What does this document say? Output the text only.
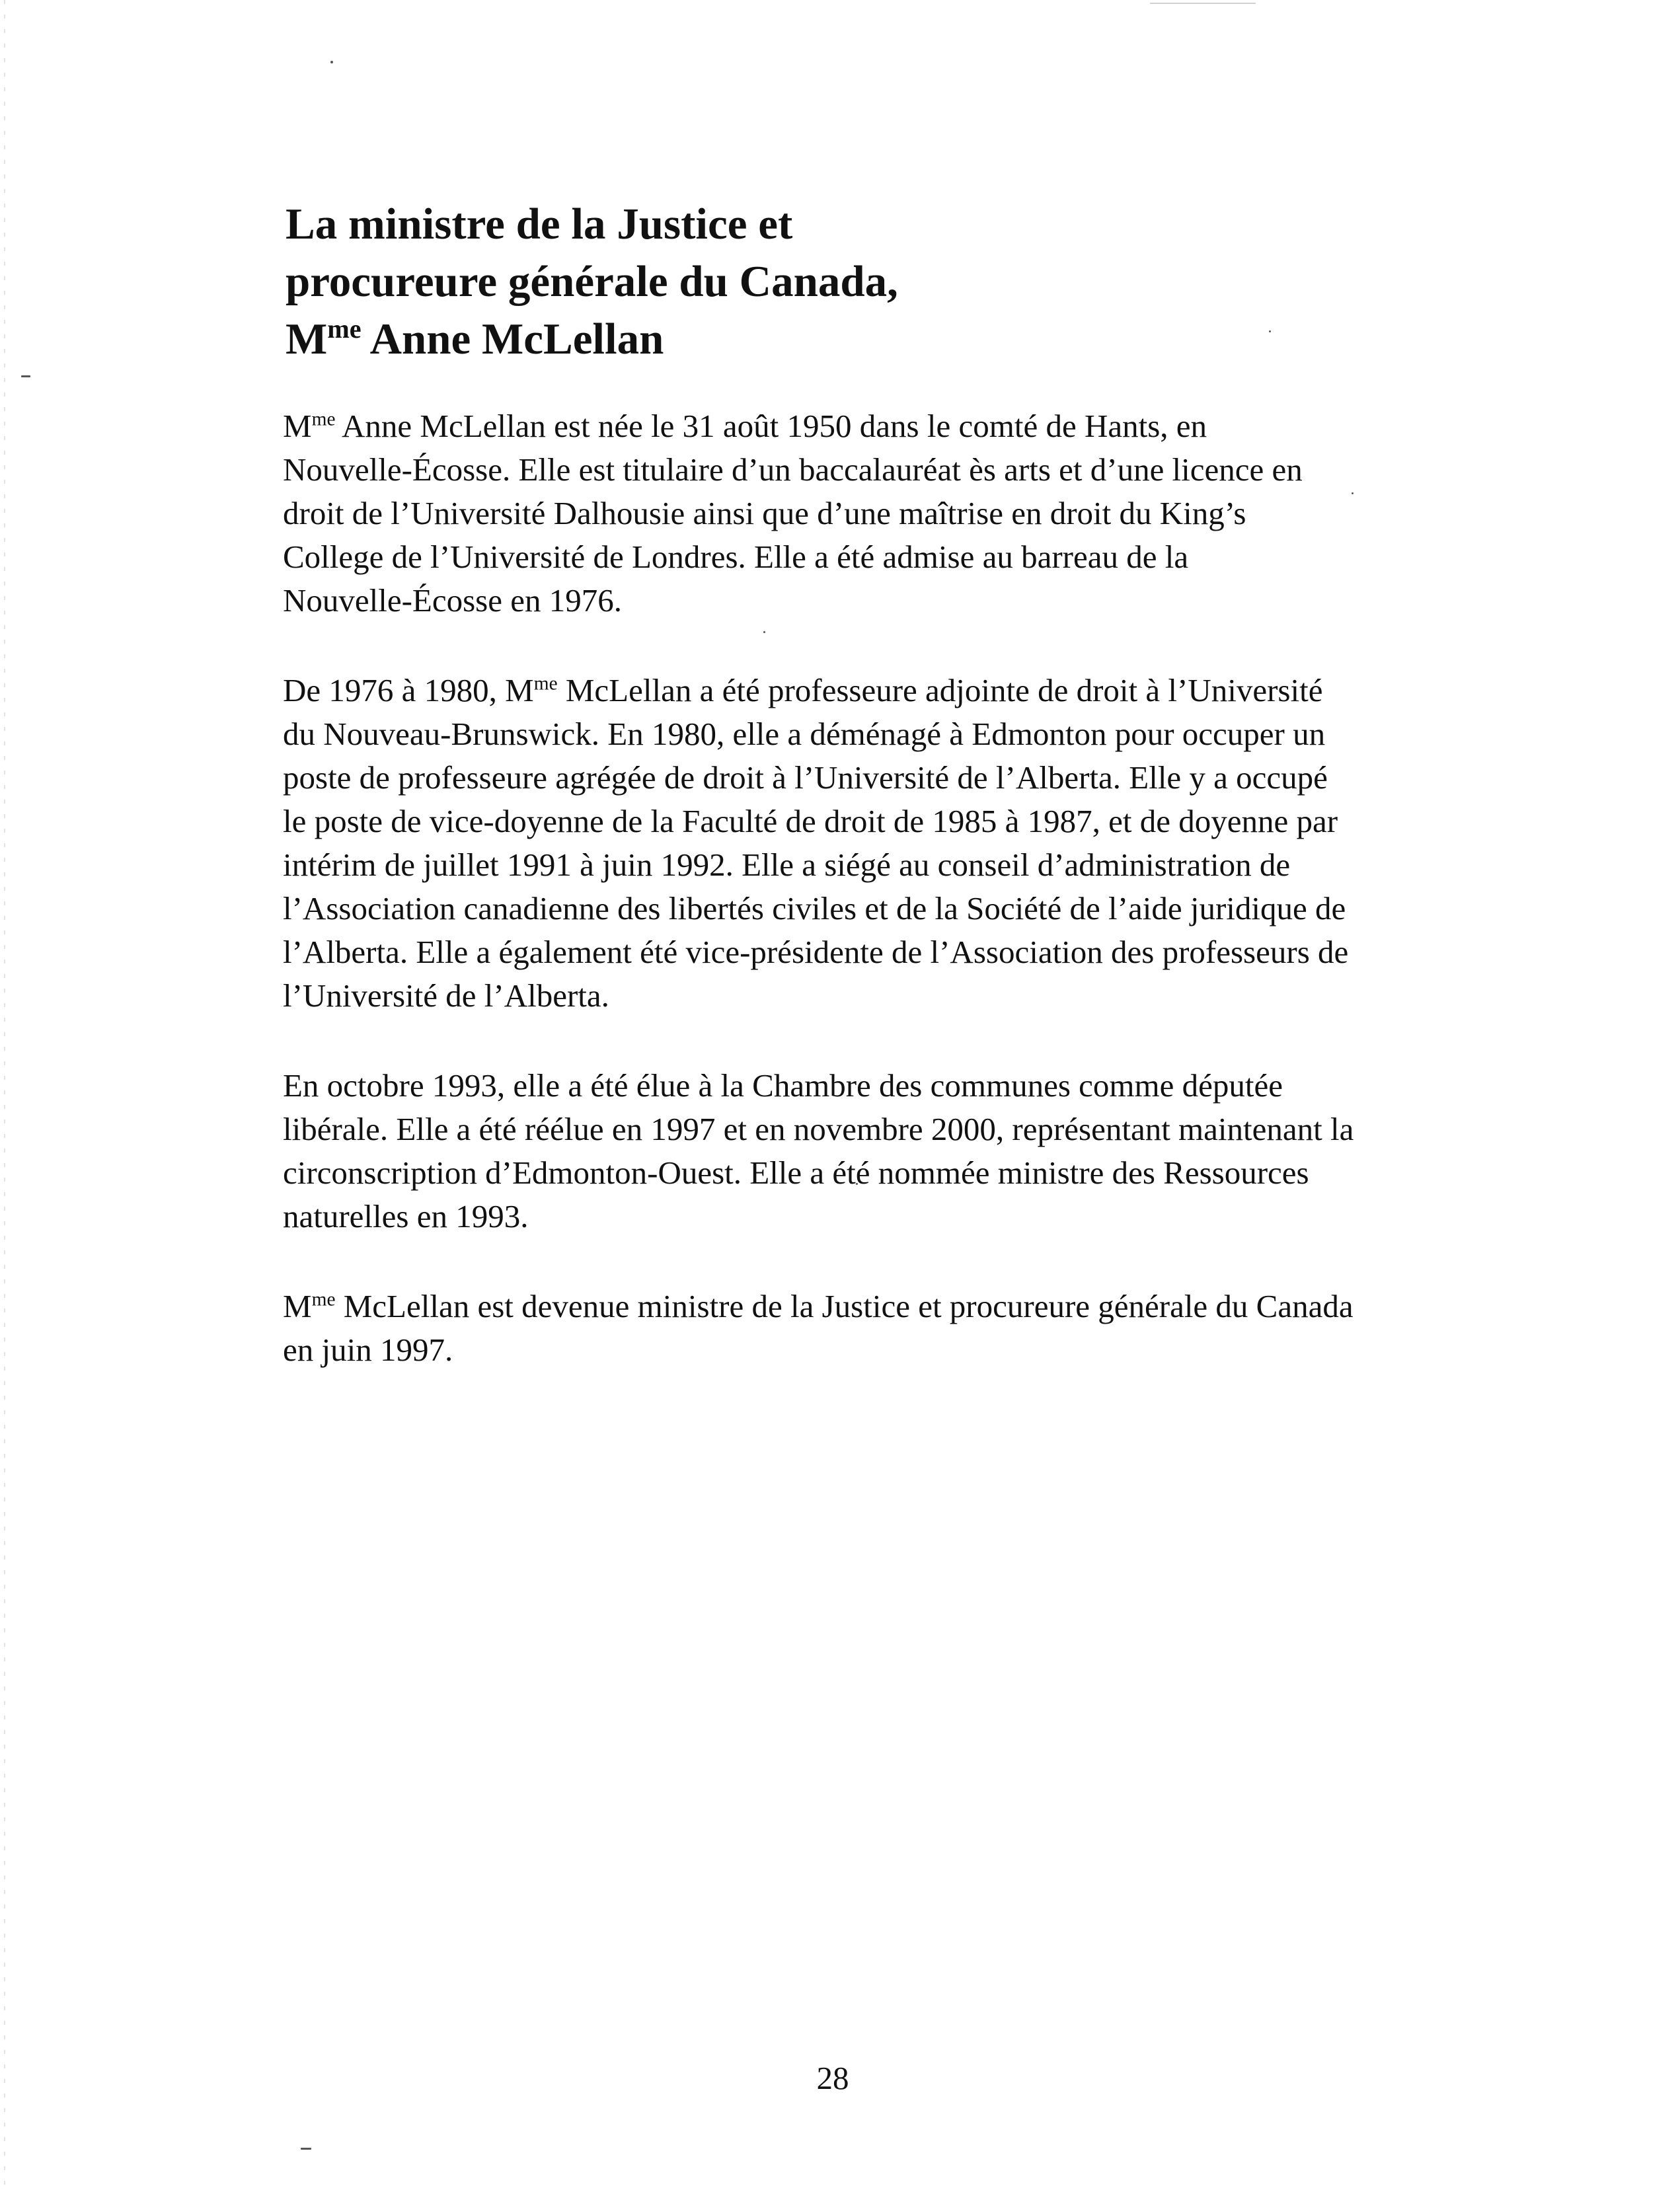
La ministre de la Justice et
procureure générale du Canada,
$M^{me}$ Anne McLellan

$M^{me}$ Anne McLellan est née le 31 août 1950 dans le comté de Hants, en
Nouvelle-Écosse. Elle est titulaire d’un baccalauréat ès arts et d’une licence en
droit de l’Université Dalhousie ainsi que d’une maîtrise en droit du King’s
College de l’Université de Londres. Elle a été admise au barreau de la
Nouvelle-Écosse en 1976.

De 1976 à 1980, $M^{me}$ McLellan a été professeure adjointe de droit à l’Université
du Nouveau-Brunswick. En 1980, elle a déménagé à Edmonton pour occuper un
poste de professeure agrégée de droit à l’Université de l’Alberta. Elle y a occupé
le poste de vice-doyenne de la Faculté de droit de 1985 à 1987, et de doyenne par
intérim de juillet 1991 à juin 1992. Elle a siégé au conseil d’administration de
l’Association canadienne des libertés civiles et de la Société de l’aide juridique de
l’Alberta. Elle a également été vice-présidente de l’Association des professeurs de
l’Université de l’Alberta.

En octobre 1993, elle a été élue à la Chambre des communes comme députée
libérale. Elle a été réélue en 1997 et en novembre 2000, représentant maintenant la
circonscription d’Edmonton-Ouest. Elle a été nommée ministre des Ressources
naturelles en 1993.

$M^{me}$ McLellan est devenue ministre de la Justice et procureure générale du Canada
en juin 1997.

28
